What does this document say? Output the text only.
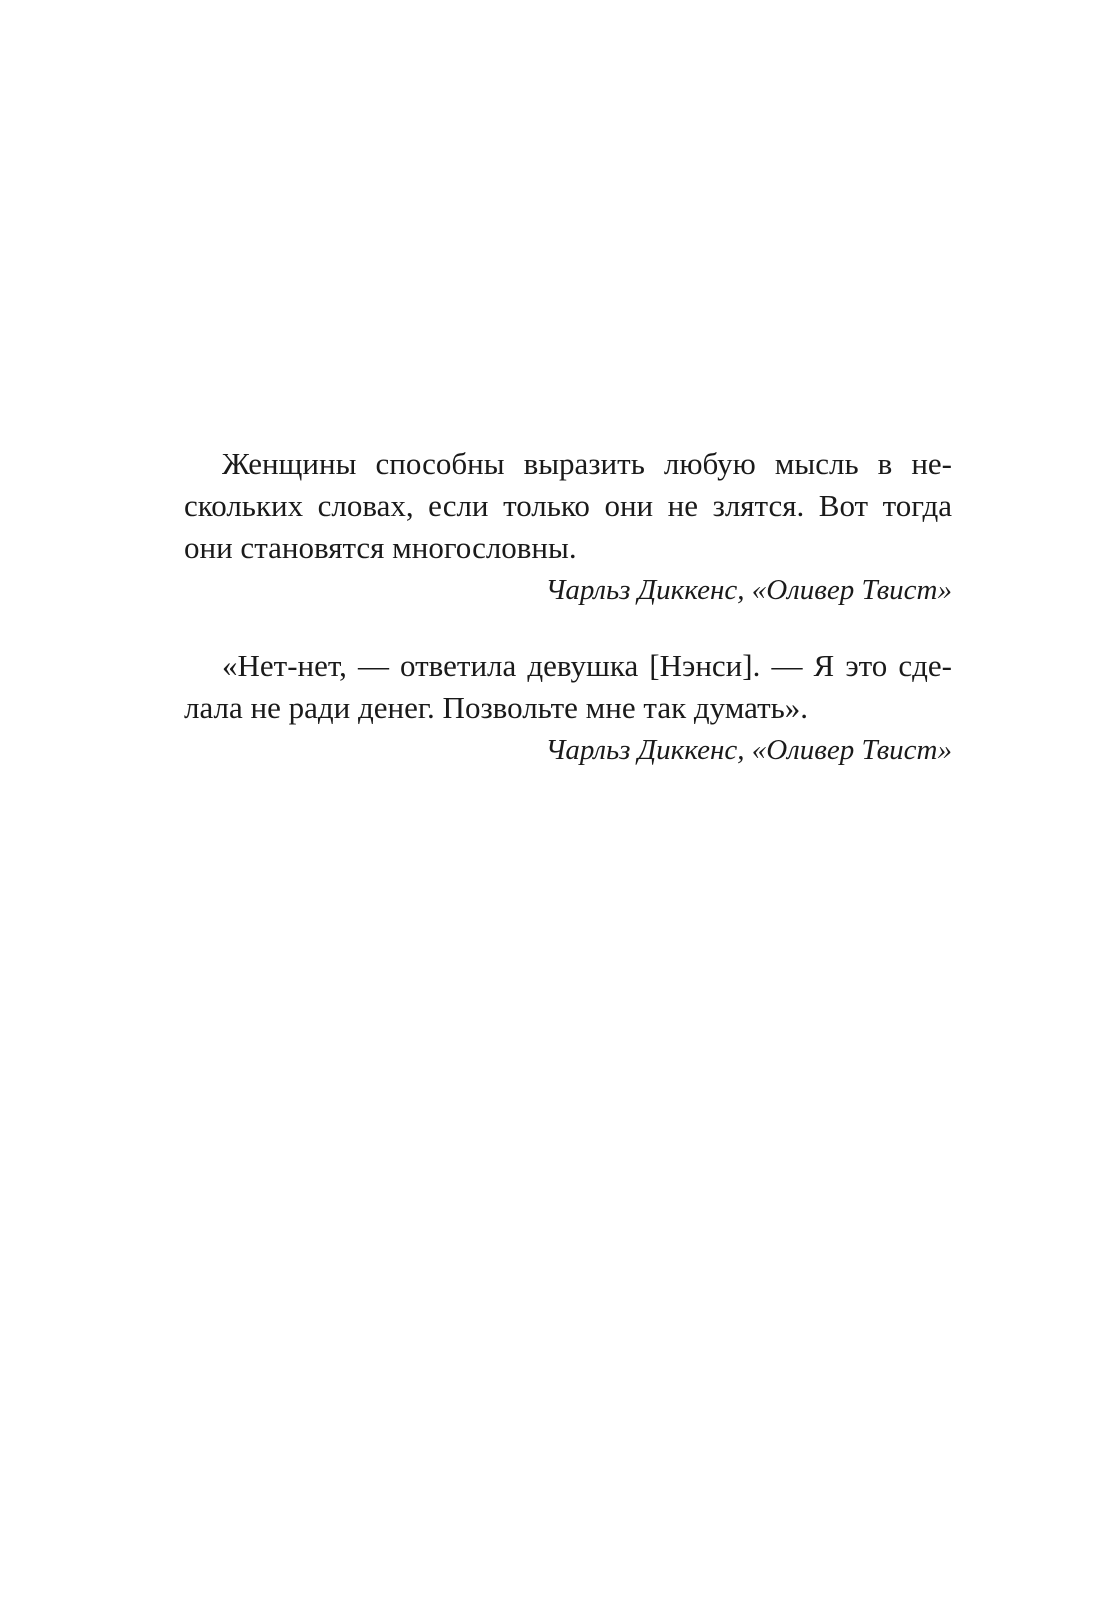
Женщины способны выразить любую мысль в не-
скольких словах, если только они не злятся. Вот тогда
они становятся многословны.
Чарльз Диккенс, «Оливер Твист»
«Нет-нет, — ответила девушка [Нэнси]. — Я это сде-
лала не ради денег. Позвольте мне так думать».
Чарльз Диккенс, «Оливер Твист»
